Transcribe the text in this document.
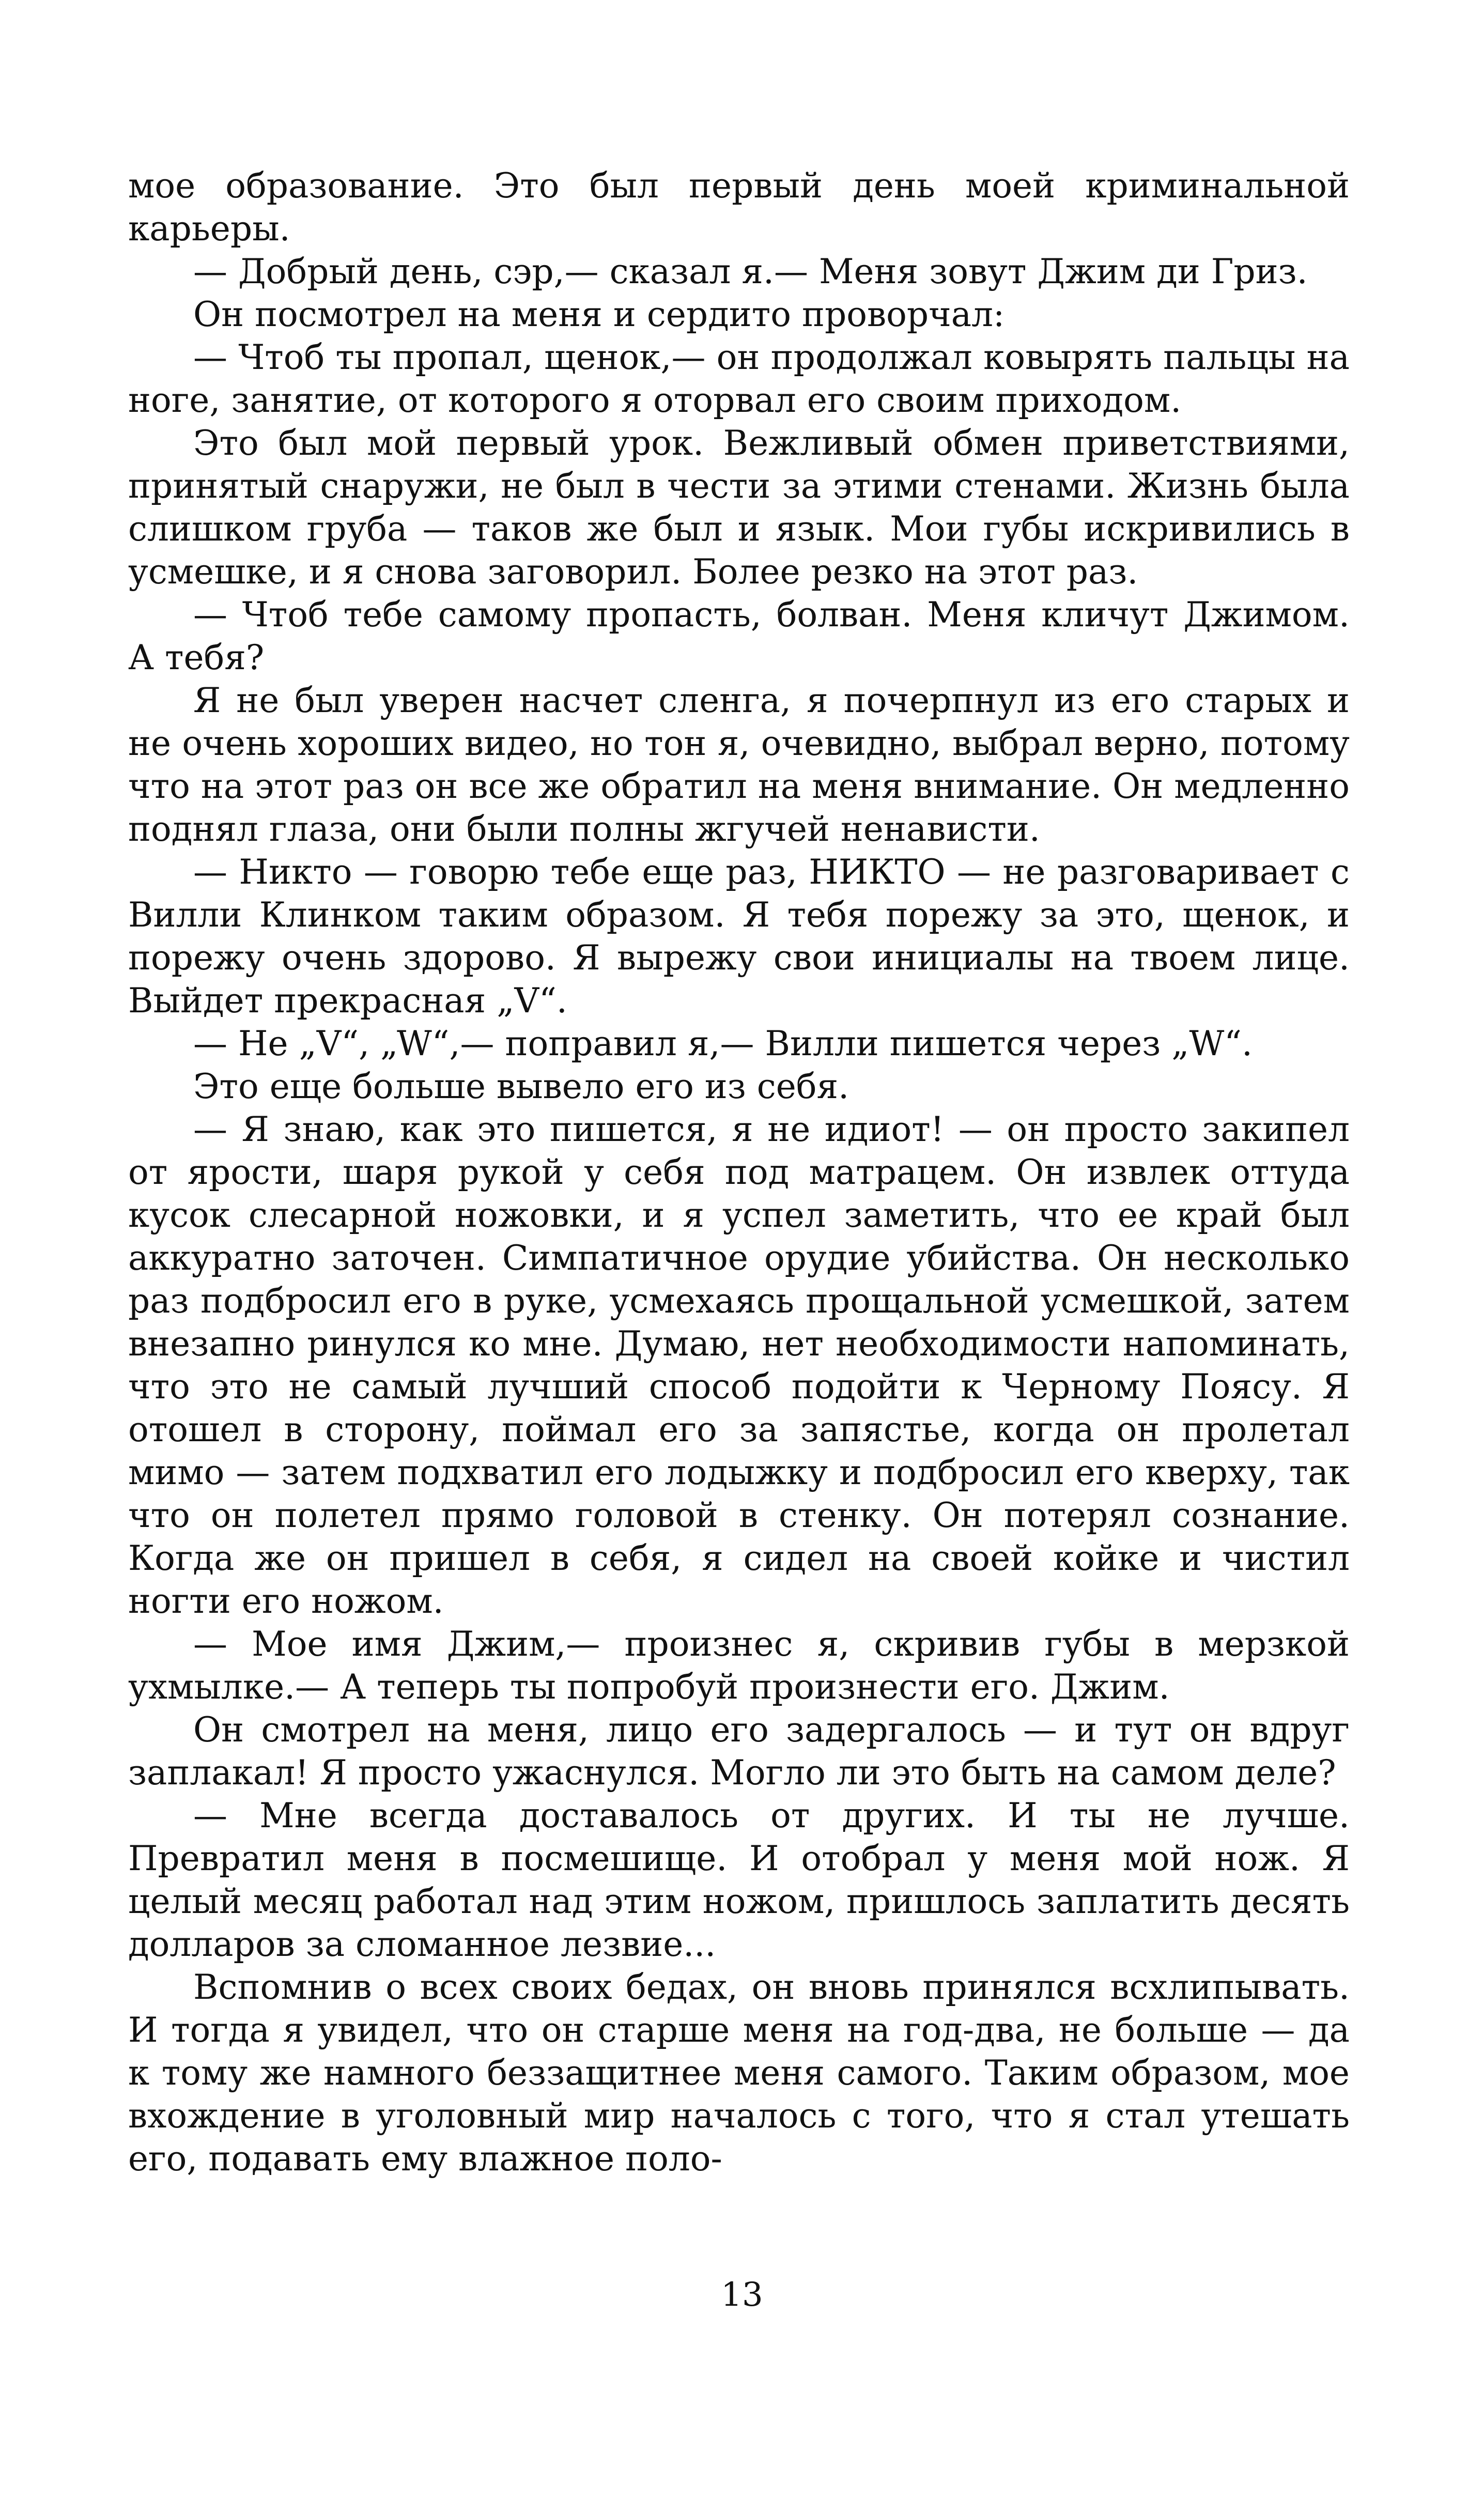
мое образование. Это был первый день моей криминальной карьеры.

— Добрый день, сэр,— сказал я.— Меня зовут Джим ди Гриз.

Он посмотрел на меня и сердито проворчал:

— Чтоб ты пропал, щенок,— он продолжал ковырять пальцы на ноге, занятие, от которого я оторвал его своим приходом.

Это был мой первый урок. Вежливый обмен приветствиями, принятый снаружи, не был в чести за этими стенами. Жизнь была слишком груба — таков же был и язык. Мои губы искривились в усмешке, и я снова заговорил. Более резко на этот раз.

— Чтоб тебе самому пропасть, болван. Меня кличут Джимом. А тебя?

Я не был уверен насчет сленга, я почерпнул из его старых и не очень хороших видео, но тон я, очевидно, выбрал верно, потому что на этот раз он все же обратил на меня внимание. Он медленно поднял глаза, они были полны жгучей ненависти.

— Никто — говорю тебе еще раз, НИКТО — не разговаривает с Вилли Клинком таким образом. Я тебя порежу за это, щенок, и порежу очень здорово. Я вырежу свои инициалы на твоем лице. Выйдет прекрасная „V“.

— Не „V“, „W“,— поправил я,— Вилли пишется через „W“.

Это еще больше вывело его из себя.

— Я знаю, как это пишется, я не идиот! — он просто закипел от ярости, шаря рукой у себя под матрацем. Он извлек оттуда кусок слесарной ножовки, и я успел заметить, что ее край был аккуратно заточен. Симпатичное орудие убийства. Он несколько раз подбросил его в руке, усмехаясь прощальной усмешкой, затем внезапно ринулся ко мне. Думаю, нет необходимости напоминать, что это не самый лучший способ подойти к Черному Поясу. Я отошел в сторону, поймал его за запястье, когда он пролетал мимо — затем подхватил его лодыжку и подбросил его кверху, так что он полетел прямо головой в стенку. Он потерял сознание. Когда же он пришел в себя, я сидел на своей койке и чистил ногти его ножом.

— Мое имя Джим,— произнес я, скривив губы в мерзкой ухмылке.— А теперь ты попробуй произнести его. Джим.

Он смотрел на меня, лицо его задергалось — и тут он вдруг заплакал! Я просто ужаснулся. Могло ли это быть на самом деле?

— Мне всегда доставалось от других. И ты не лучше. Превратил меня в посмешище. И отобрал у меня мой нож. Я целый месяц работал над этим ножом, пришлось заплатить десять долларов за сломанное лезвие...

Вспомнив о всех своих бедах, он вновь принялся всхлипывать. И тогда я увидел, что он старше меня на год-два, не больше — да к тому же намного беззащитнее меня самого. Таким образом, мое вхождение в уголовный мир началось с того, что я стал утешать его, подавать ему влажное поло-

13
